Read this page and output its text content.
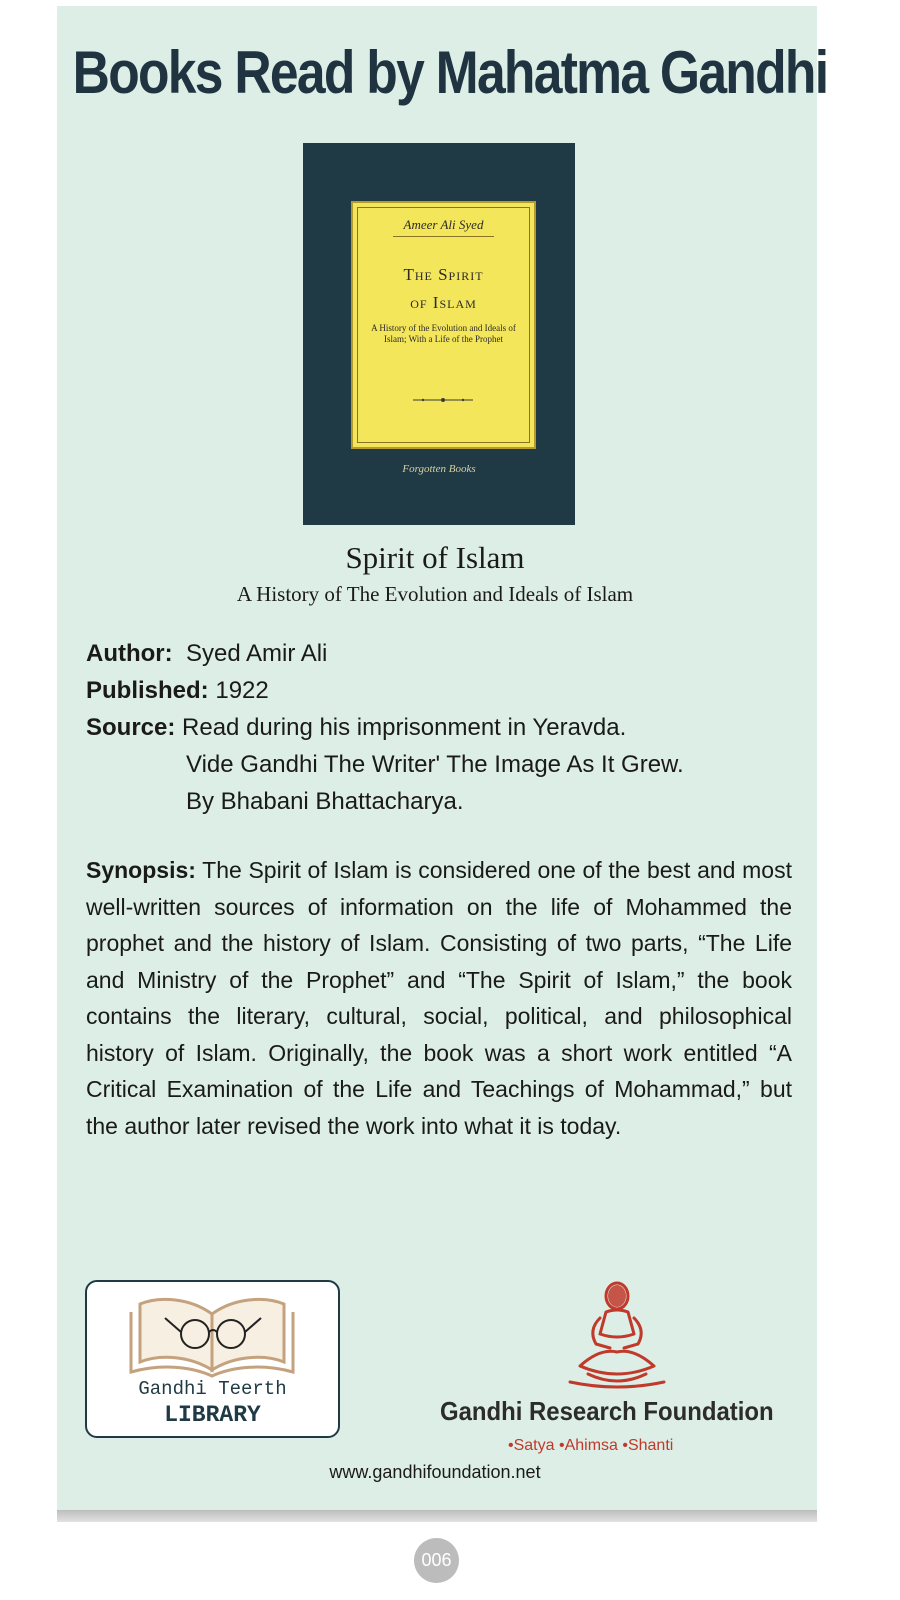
Books Read by Mahatma Gandhi
Ameer Ali Syed
The Spirit
of Islam
A History of the Evolution and Ideals of Islam; With a Life of the Prophet
Forgotten Books
Spirit of Islam
A History of The Evolution and Ideals of Islam
Author: Syed Amir Ali
Published: 1922
Source: Read during his imprisonment in Yeravda.
Vide Gandhi The Writer' The Image As It Grew.
By Bhabani Bhattacharya.
Synopsis: The Spirit of Islam is considered one of the best and most well-written sources of information on the life of Mohammed the prophet and the history of Islam. Consisting of two parts, “The Life and Ministry of the Prophet” and “The Spirit of Islam,” the book contains the literary, cultural, social, political, and philosophical history of Islam. Originally, the book was a short work entitled “A Critical Examination of the Life and Teachings of Mohammad,” but the author later revised the work into what it is today.
Gandhi Teerth
LIBRARY	Gandhi Research Foundation
•Satya •Ahimsa •Shanti
www.gandhifoundation.net
006
